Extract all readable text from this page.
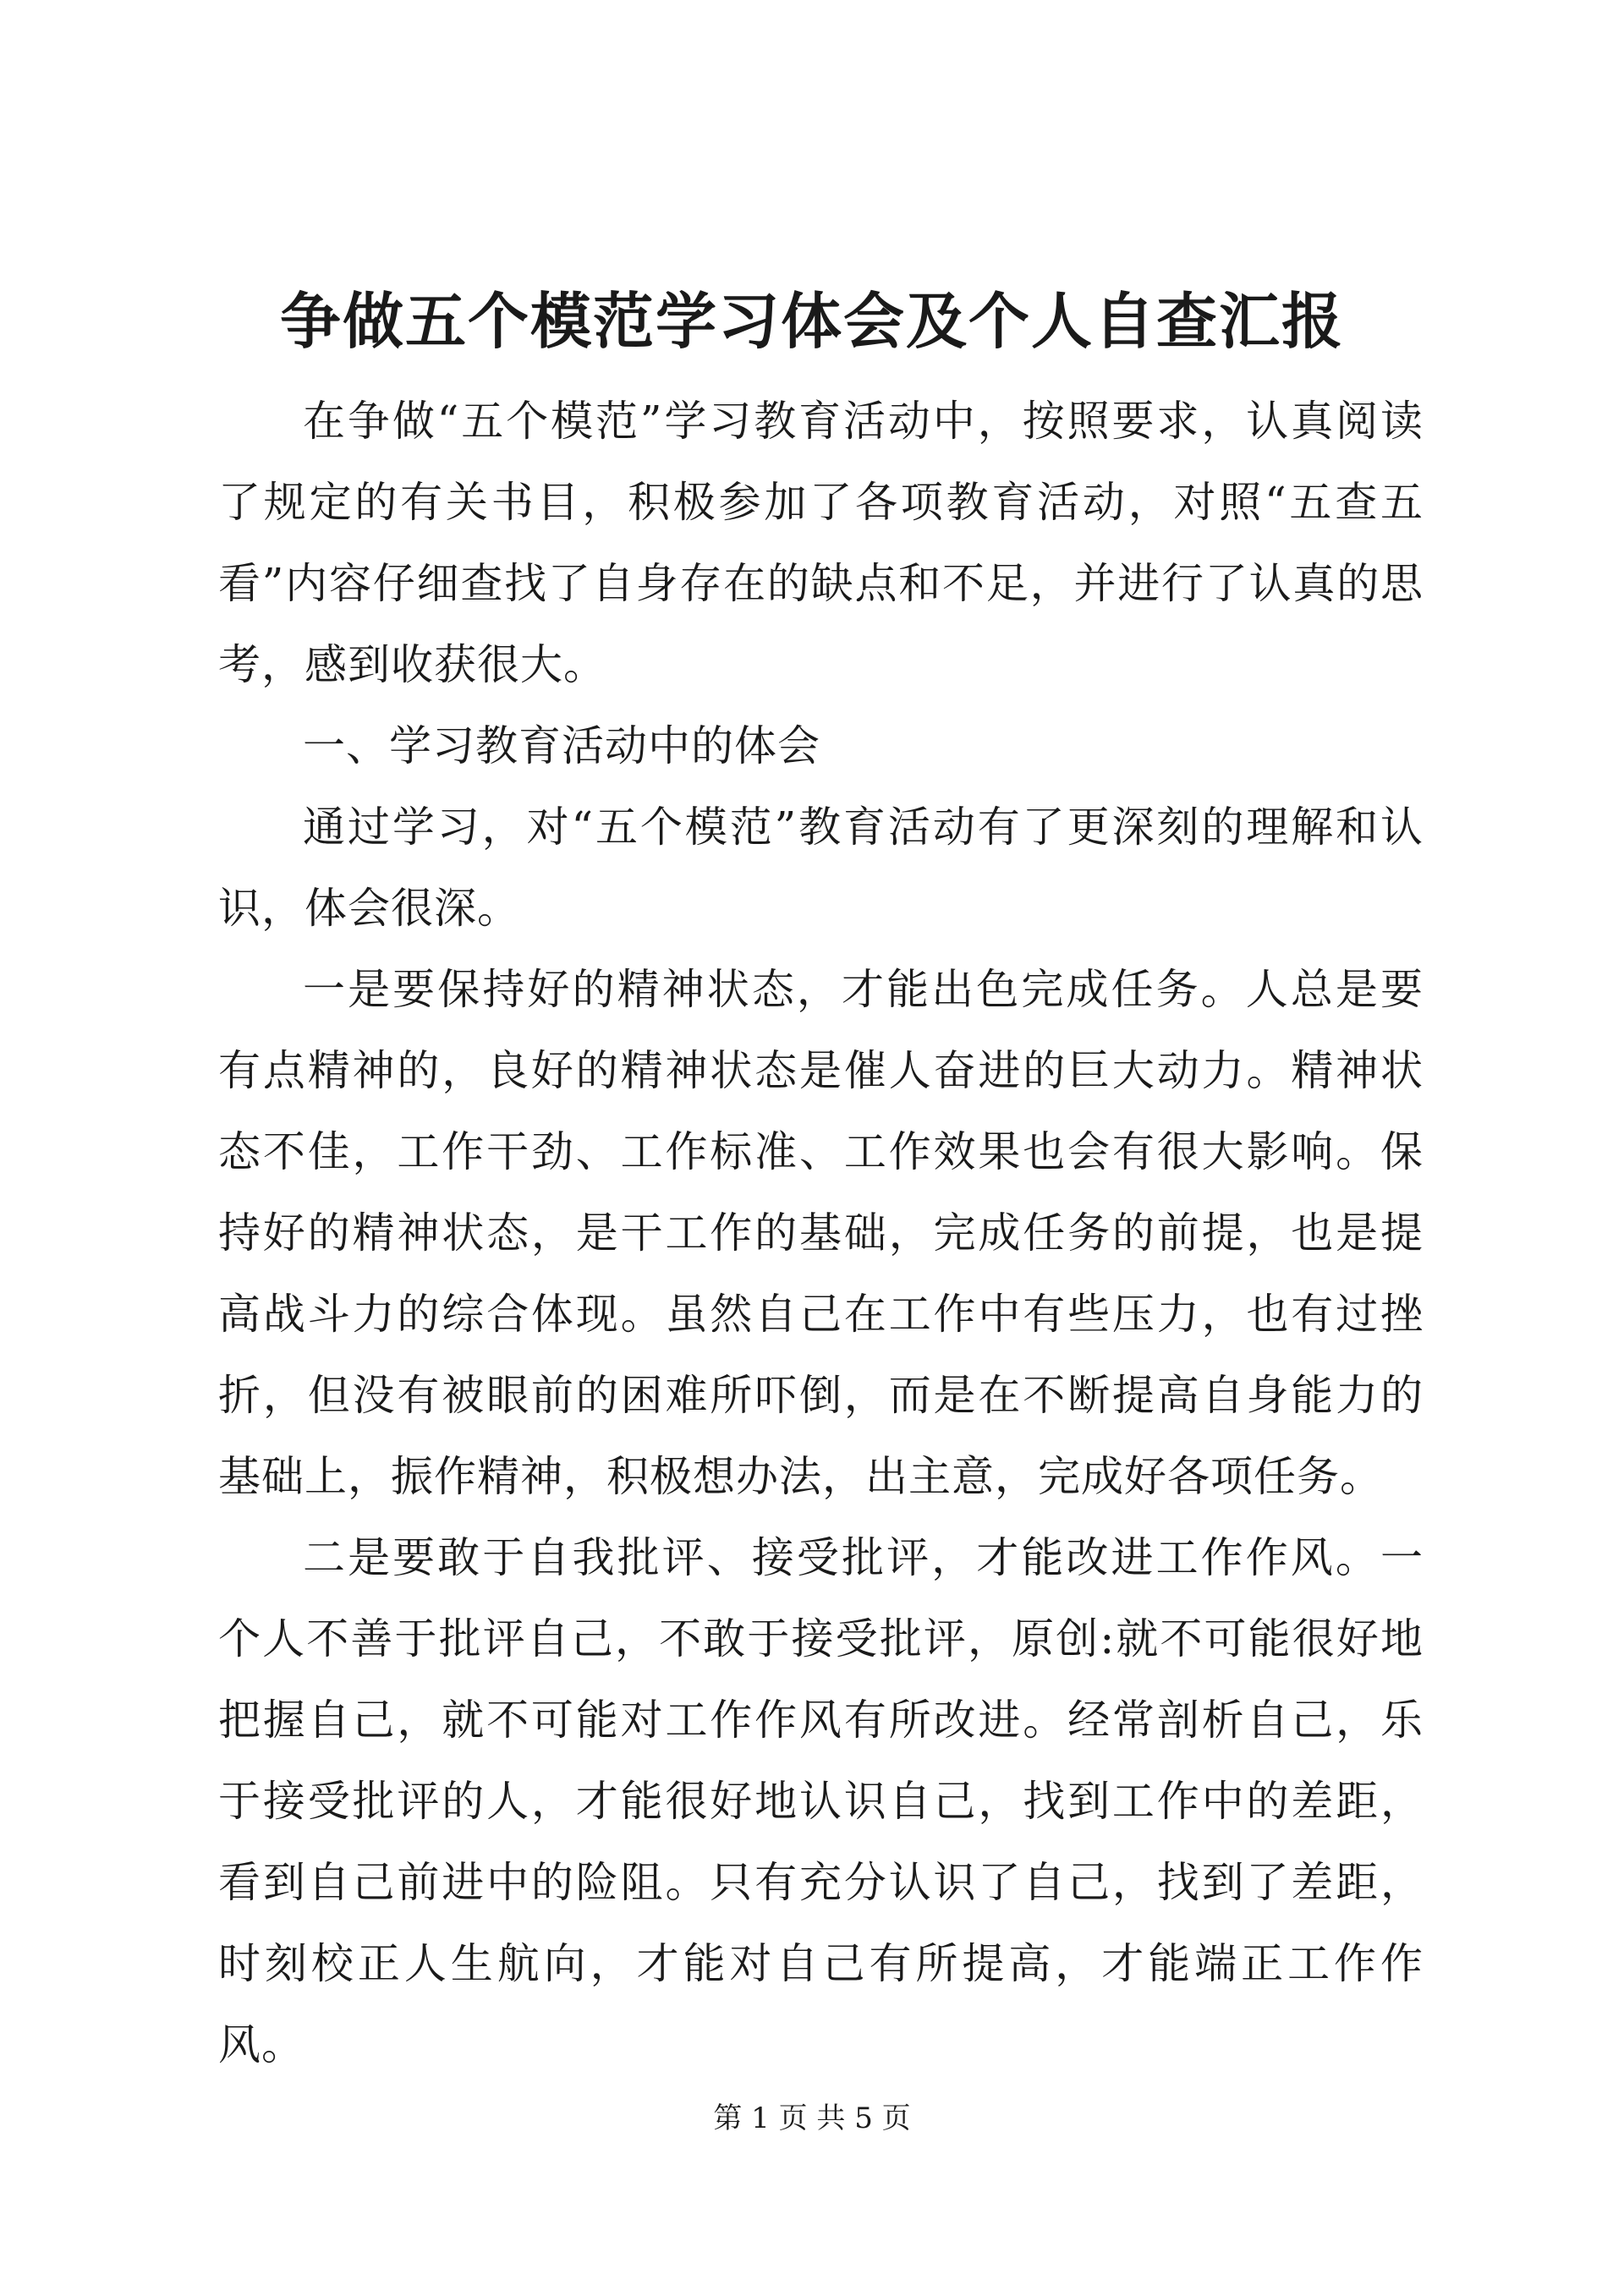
争做五个模范学习体会及个人自查汇报

在争做“五个模范”学习教育活动中，按照要求，认真阅读了规定的有关书目，积极参加了各项教育活动，对照“五查五看”内容仔细查找了自身存在的缺点和不足，并进行了认真的思考，感到收获很大。

一、学习教育活动中的体会

通过学习，对“五个模范”教育活动有了更深刻的理解和认识，体会很深。

一是要保持好的精神状态，才能出色完成任务。人总是要有点精神的，良好的精神状态是催人奋进的巨大动力。精神状态不佳，工作干劲、工作标准、工作效果也会有很大影响。保持好的精神状态，是干工作的基础，完成任务的前提，也是提高战斗力的综合体现。虽然自己在工作中有些压力，也有过挫折，但没有被眼前的困难所吓倒，而是在不断提高自身能力的基础上，振作精神，积极想办法，出主意，完成好各项任务。

二是要敢于自我批评、接受批评，才能改进工作作风。一个人不善于批评自己，不敢于接受批评，原创:就不可能很好地把握自己，就不可能对工作作风有所改进。经常剖析自己，乐于接受批评的人，才能很好地认识自己，找到工作中的差距，看到自己前进中的险阻。只有充分认识了自己，找到了差距，时刻校正人生航向，才能对自己有所提高，才能端正工作作风。

第 1 页 共 5 页
